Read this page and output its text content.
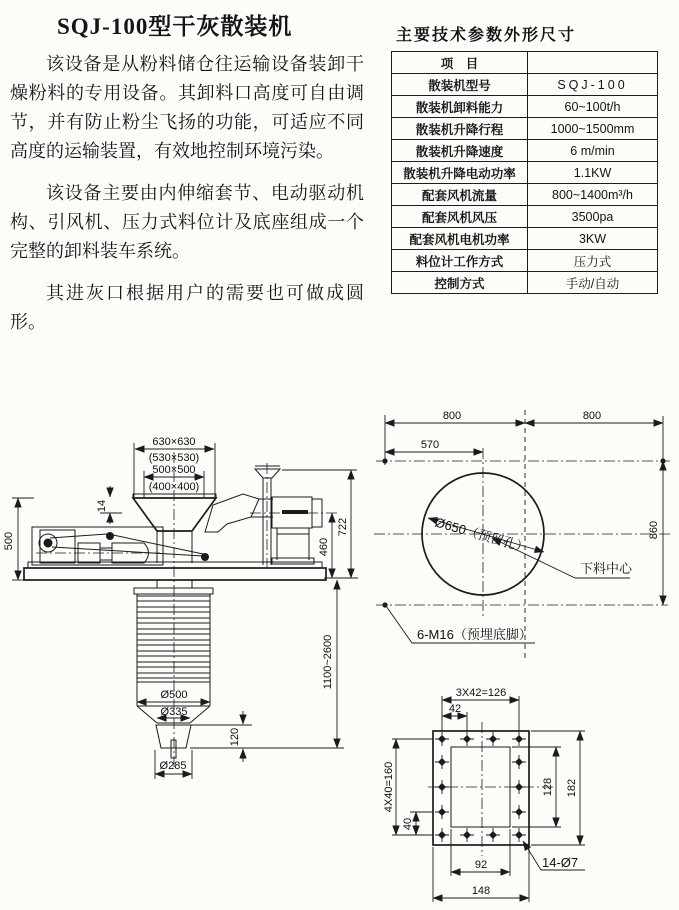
SQJ-100型干灰散装机

该设备是从粉料储仓往运输设备装卸干燥粉料的专用设备。其卸料口高度可自由调节，并有防止粉尘飞扬的功能，可适应不同高度的运输装置，有效地控制环境污染。

该设备主要由内伸缩套节、电动驱动机构、引风机、压力式料位计及底座组成一个完整的卸料装车系统。

其进灰口根据用户的需要也可做成圆形。

主要技术参数外形尺寸
项　目	
散装机型号	SQJ-100
散装机卸料能力	60~100t/h
散装机升降行程	1000~1500mm
散装机升降速度	6 m/min
散装机升降电动功率	1.1KW
配套风机流量	800~1400m³/h
配套风机风压	3500pa
配套风机电机功率	3KW
料位计工作方式	压力式
控制方式	手动/自动
630×630
(530×530)
500×500
(400×400)
14
500	460
722
Ø500
Ø335
120
Ø285
1100~2600
800	800
570
Ø650（预留孔）
下料中心
860
6-M16（预埋底脚）
3X42=126
42
4X40=160
40
128 182
92
148
14-Ø7
